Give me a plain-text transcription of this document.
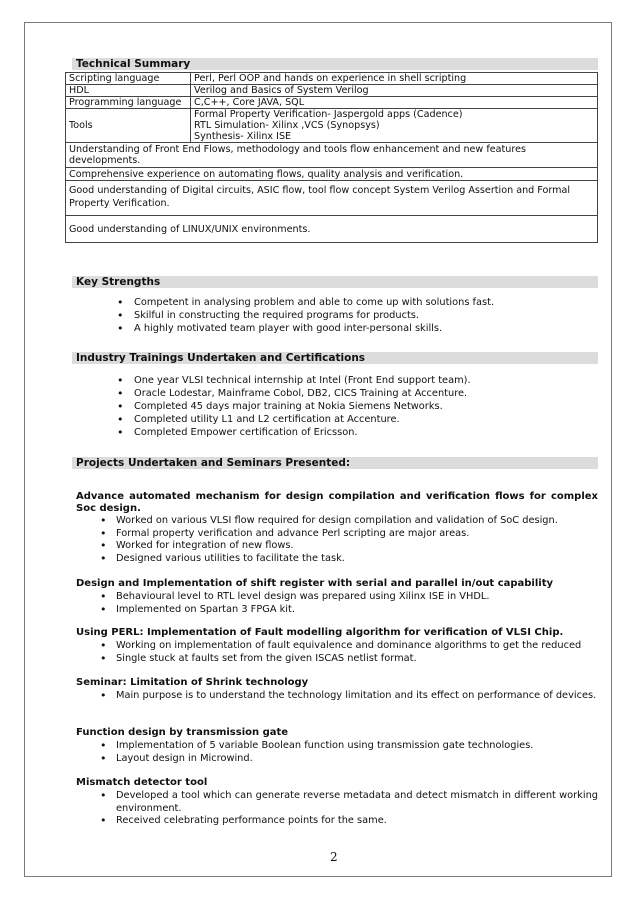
Technical Summary
Scripting language	Perl, Perl OOP and hands on experience in shell scripting
HDL	Verilog and Basics of System Verilog
Programming language	C,C++, Core JAVA, SQL
Tools	Formal Property Verification- Jaspergold apps (Cadence)
RTL Simulation- Xilinx ,VCS (Synopsys)
Synthesis- Xilinx ISE

Understanding of Front End Flows, methodology and tools flow enhancement and new features developments.	
Comprehensive experience on automating flows, quality analysis and verification.	
Good understanding of Digital circuits, ASIC flow, tool flow concept System Verilog Assertion and Formal Property Verification.	
Good understanding of LINUX/UNIX environments.	
Key Strengths
• Competent in analysing problem and able to come up with solutions fast.
• Skilful in constructing the required programs for products.
• A highly motivated team player with good inter-personal skills.
Industry Trainings Undertaken and Certifications
• One year VLSI technical internship at Intel (Front End support team).
• Oracle Lodestar, Mainframe Cobol, DB2, CICS Training at Accenture.
• Completed 45 days major training at Nokia Siemens Networks.
• Completed utility L1 and L2 certification at Accenture.
• Completed Empower certification of Ericsson.
Projects Undertaken and Seminars Presented:
Advance automated mechanism for design compilation and verification flows for complex Soc design.
• Worked on various VLSI flow required for design compilation and validation of SoC design.
• Formal property verification and advance Perl scripting are major areas.
• Worked for integration of new flows.
• Designed various utilities to facilitate the task.
Design and Implementation of shift register with serial and parallel in/out capability
• Behavioural level to RTL level design was prepared using Xilinx ISE in VHDL.
• Implemented on Spartan 3 FPGA kit.
Using PERL: Implementation of Fault modelling algorithm for verification of VLSI Chip.
• Working on implementation of fault equivalence and dominance algorithms to get the reduced
• Single stuck at faults set from the given ISCAS netlist format.
Seminar: Limitation of Shrink technology
• Main purpose is to understand the technology limitation and its effect on performance of devices.
Function design by transmission gate
• Implementation of 5 variable Boolean function using transmission gate technologies.
• Layout design in Microwind.
Mismatch detector tool
• Developed a tool which can generate reverse metadata and detect mismatch in different working environment.
• Received celebrating performance points for the same.
2
